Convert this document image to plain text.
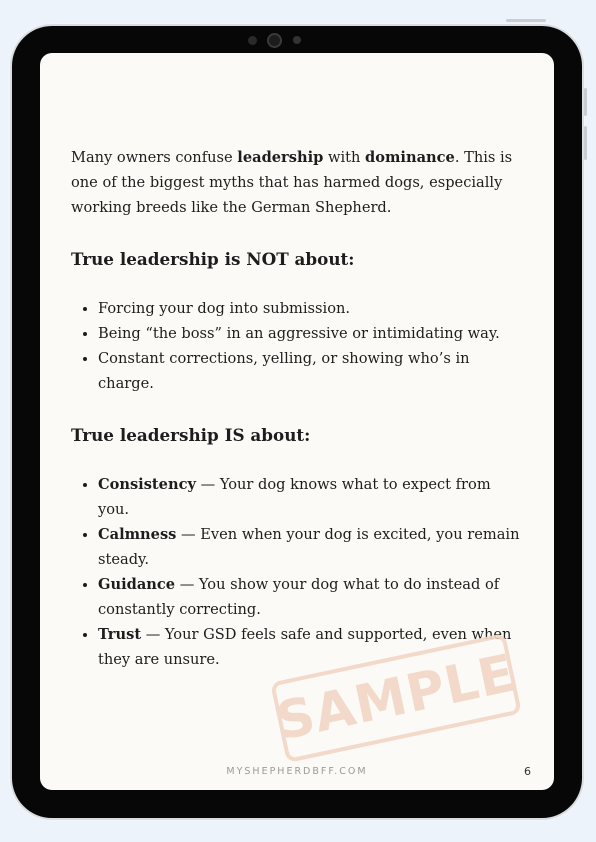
Many owners confuse leadership with dominance. This is one of the biggest myths that has harmed dogs, especially working breeds like the German Shepherd.

True leadership is NOT about:
• Forcing your dog into submission.
• Being “the boss” in an aggressive or intimidating way.
• Constant corrections, yelling, or showing who’s in charge.
True leadership IS about:
• Consistency — Your dog knows what to expect from you.
• Calmness — Even when your dog is excited, you remain steady.
• Guidance — You show your dog what to do instead of constantly correcting.
• Trust — Your GSD feels safe and supported, even when they are unsure. SAMPLE
MYSHEPHERDBFF.COM	6
